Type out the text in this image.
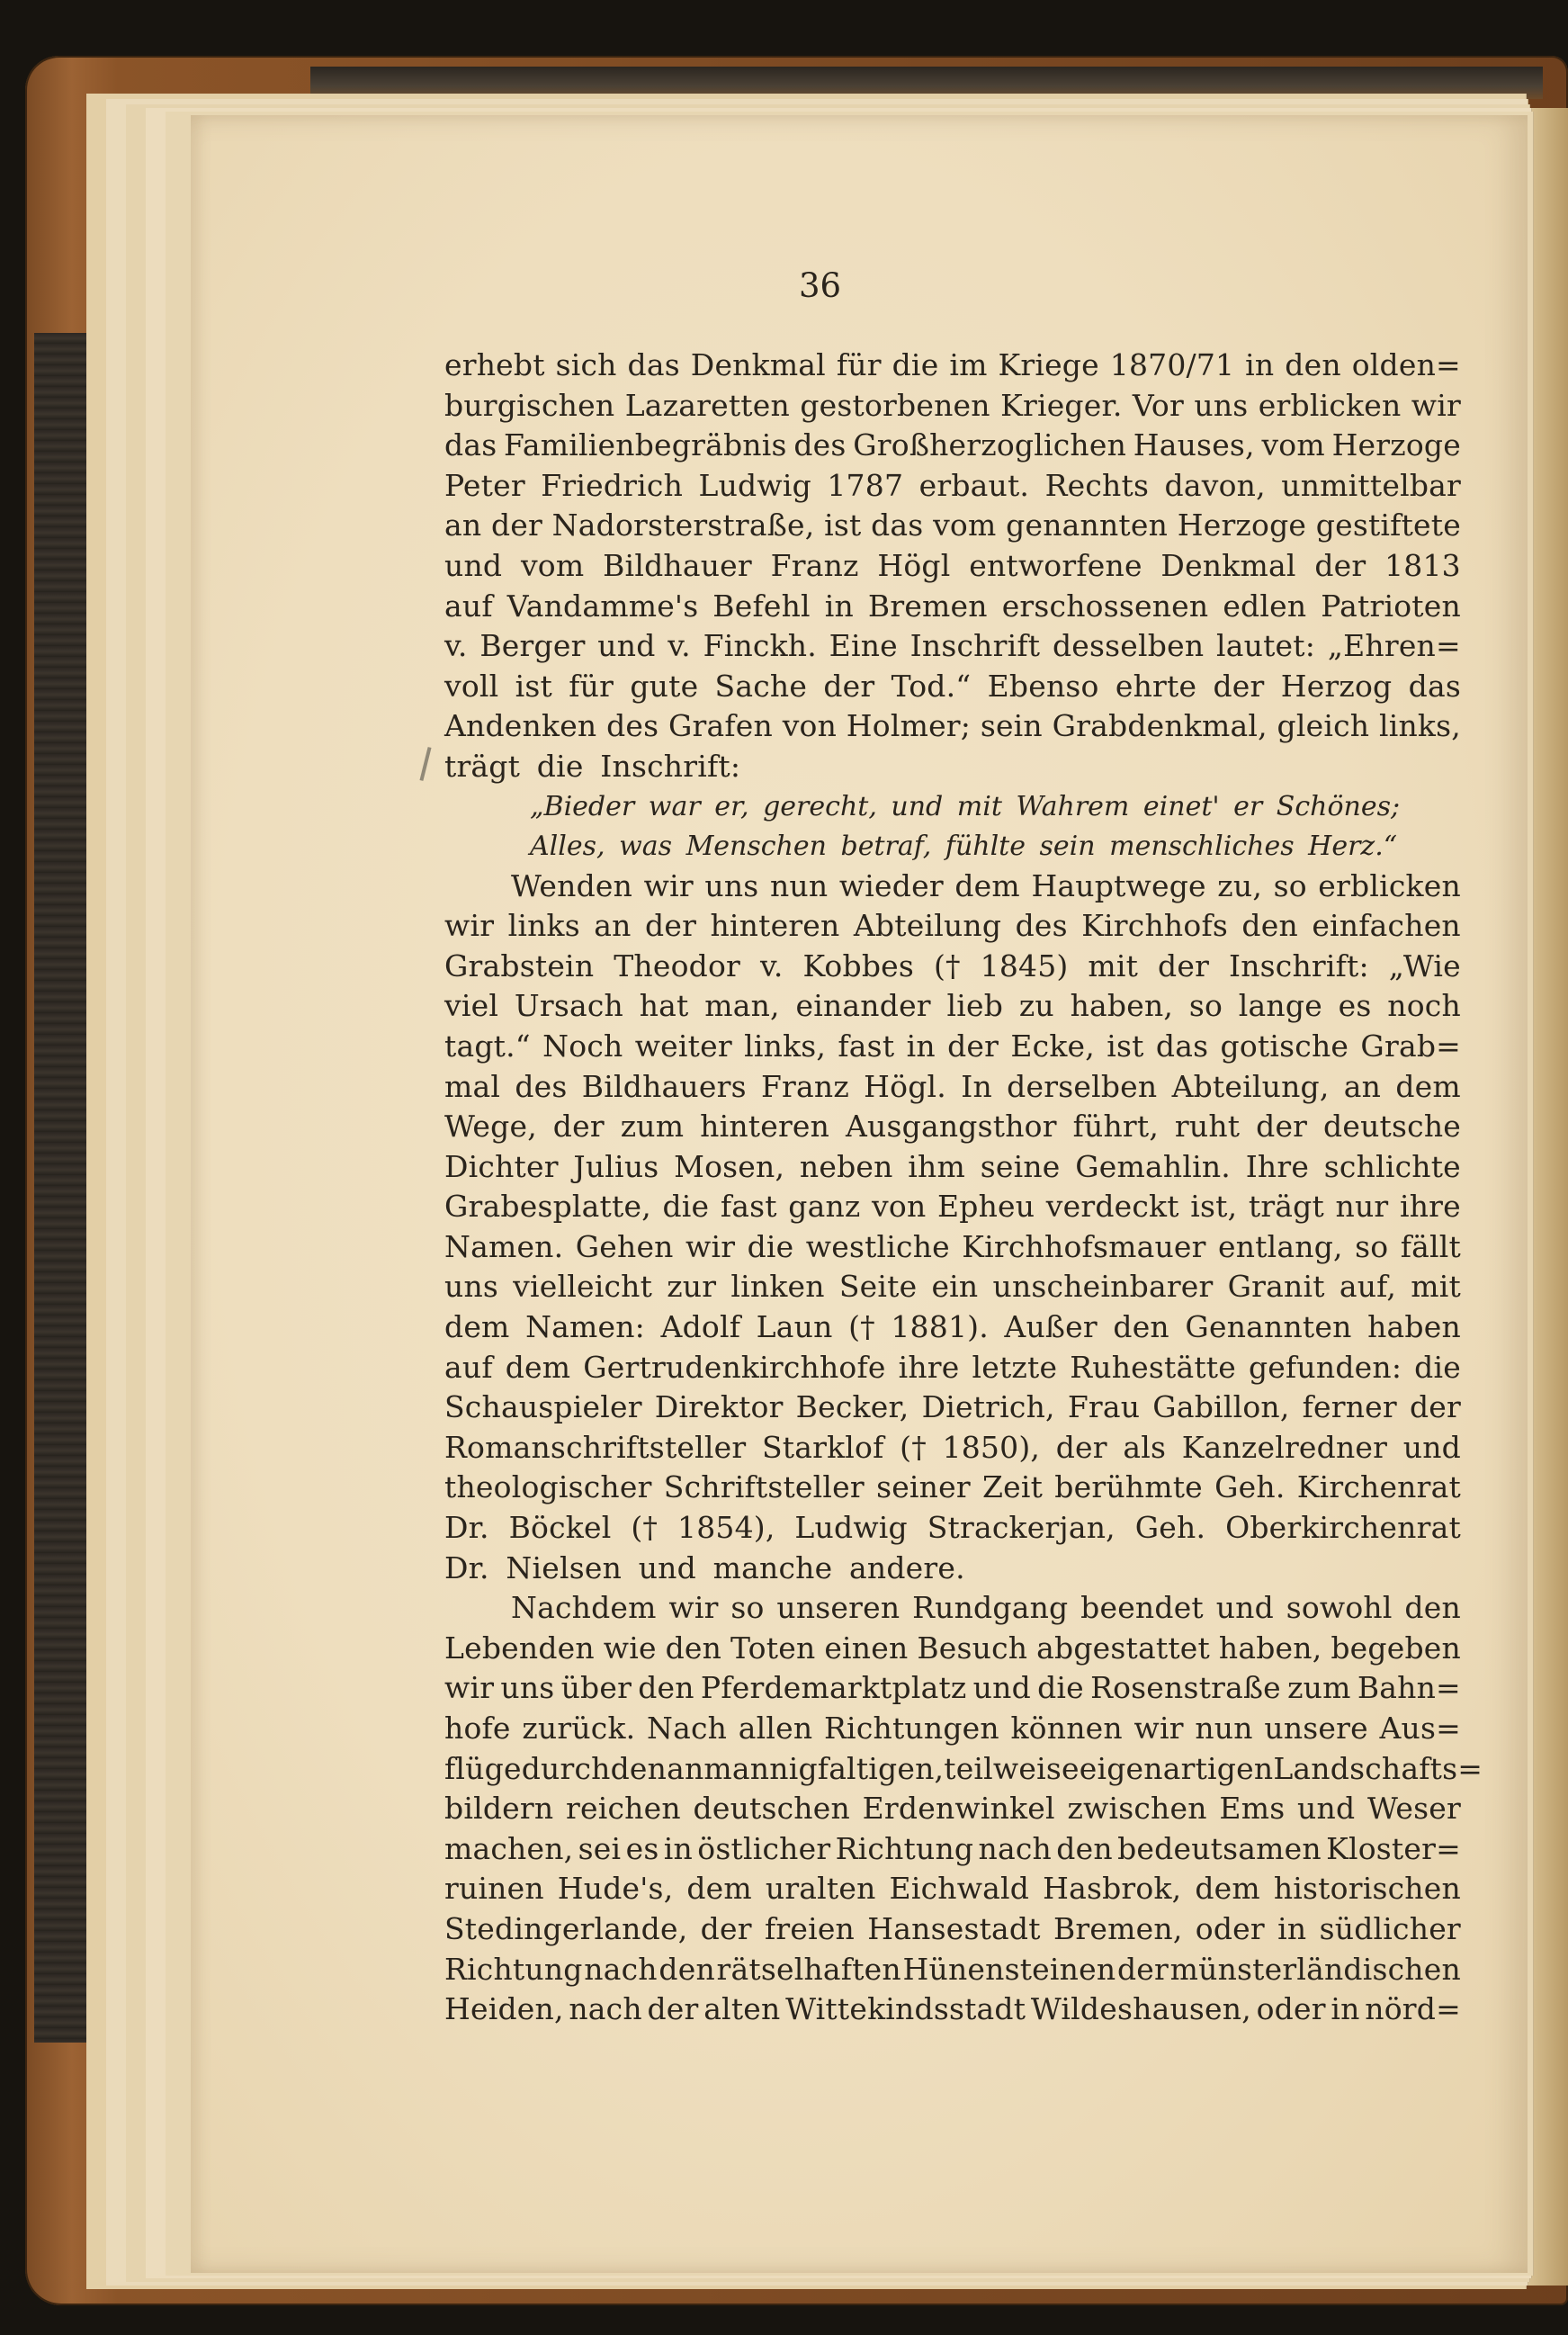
36
erhebt sich das Denkmal für die im Kriege 1870/71 in den olden=
burgischen Lazaretten gestorbenen Krieger. Vor uns erblicken wir
das Familienbegräbnis des Großherzoglichen Hauses, vom Herzoge
Peter Friedrich Ludwig 1787 erbaut. Rechts davon, unmittelbar
an der Nadorsterstraße, ist das vom genannten Herzoge gestiftete
und vom Bildhauer Franz Högl entworfene Denkmal der 1813
auf Vandamme's Befehl in Bremen erschossenen edlen Patrioten
v. Berger und v. Finckh. Eine Inschrift desselben lautet: „Ehren=
voll ist für gute Sache der Tod.“ Ebenso ehrte der Herzog das
Andenken des Grafen von Holmer; sein Grabdenkmal, gleich links,
trägt die Inschrift:
„Bieder war er, gerecht, und mit Wahrem einet' er Schönes;
Alles, was Menschen betraf, fühlte sein menschliches Herz.“
Wenden wir uns nun wieder dem Hauptwege zu, so erblicken
wir links an der hinteren Abteilung des Kirchhofs den einfachen
Grabstein Theodor v. Kobbes († 1845) mit der Inschrift: „Wie
viel Ursach hat man, einander lieb zu haben, so lange es noch
tagt.“ Noch weiter links, fast in der Ecke, ist das gotische Grab=
mal des Bildhauers Franz Högl. In derselben Abteilung, an dem
Wege, der zum hinteren Ausgangsthor führt, ruht der deutsche
Dichter Julius Mosen, neben ihm seine Gemahlin. Ihre schlichte
Grabesplatte, die fast ganz von Epheu verdeckt ist, trägt nur ihre
Namen. Gehen wir die westliche Kirchhofsmauer entlang, so fällt
uns vielleicht zur linken Seite ein unscheinbarer Granit auf, mit
dem Namen: Adolf Laun († 1881). Außer den Genannten haben
auf dem Gertrudenkirchhofe ihre letzte Ruhestätte gefunden: die
Schauspieler Direktor Becker, Dietrich, Frau Gabillon, ferner der
Romanschriftsteller Starklof († 1850), der als Kanzelredner und
theologischer Schriftsteller seiner Zeit berühmte Geh. Kirchenrat
Dr. Böckel († 1854), Ludwig Strackerjan, Geh. Oberkirchenrat
Dr. Nielsen und manche andere.
Nachdem wir so unseren Rundgang beendet und sowohl den
Lebenden wie den Toten einen Besuch abgestattet haben, begeben
wir uns über den Pferdemarktplatz und die Rosenstraße zum Bahn=
hofe zurück. Nach allen Richtungen können wir nun unsere Aus=
flüge durch den an mannigfaltigen, teilweise eigenartigen Landschafts=
bildern reichen deutschen Erdenwinkel zwischen Ems und Weser
machen, sei es in östlicher Richtung nach den bedeutsamen Kloster=
ruinen Hude's, dem uralten Eichwald Hasbrok, dem historischen
Stedingerlande, der freien Hansestadt Bremen, oder in südlicher
Richtung nach den rätselhaften Hünensteinen der münsterländischen
Heiden, nach der alten Wittekindsstadt Wildeshausen, oder in nörd=
